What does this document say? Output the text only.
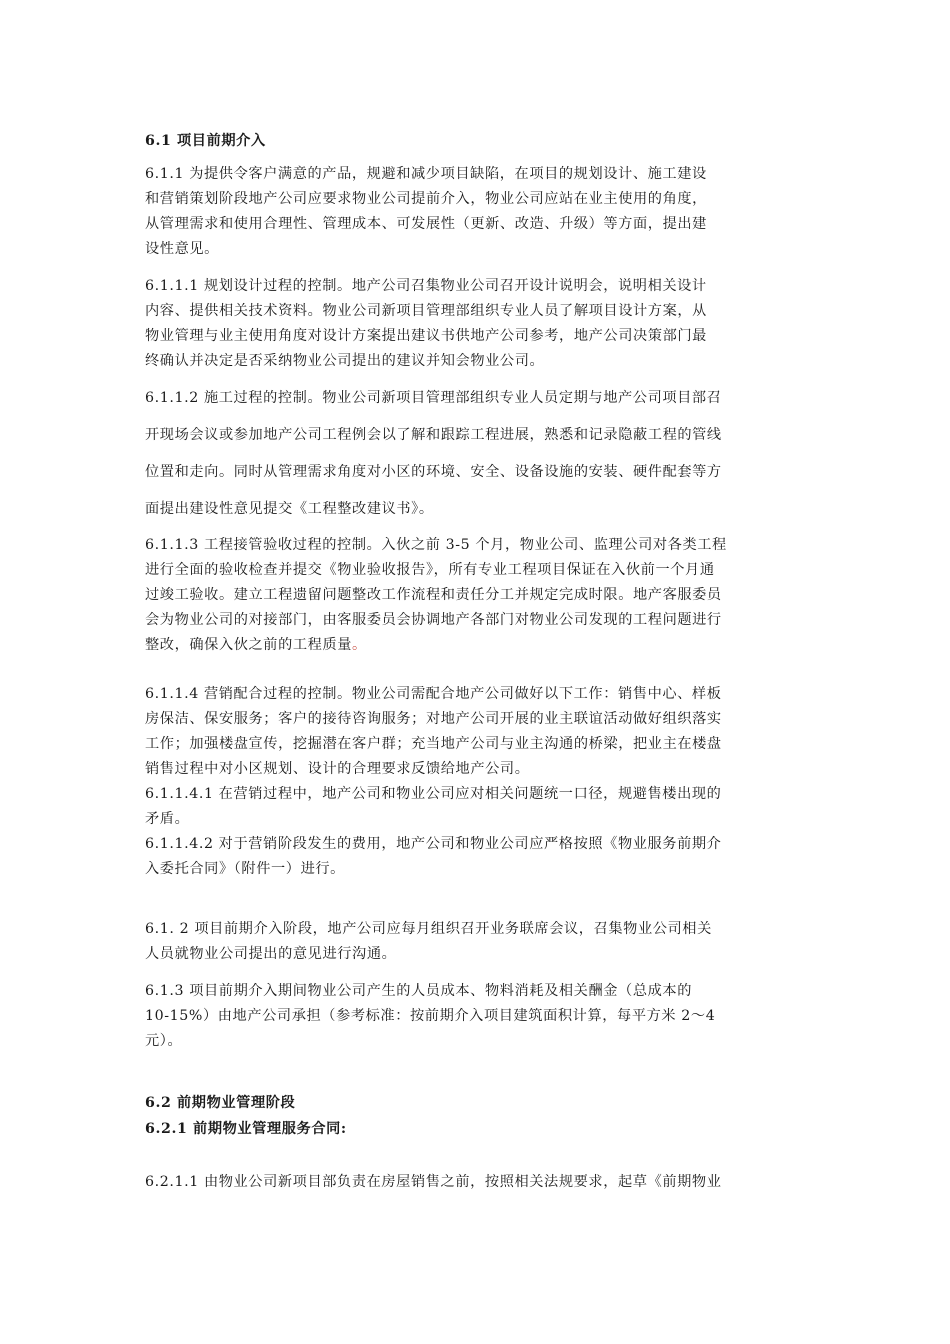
6.1 项目前期介入

6.1.1 为提供令客户满意的产品，规避和减少项目缺陷，在项目的规划设计、施工建设
和营销策划阶段地产公司应要求物业公司提前介入，物业公司应站在业主使用的角度，
从管理需求和使用合理性、管理成本、可发展性（更新、改造、升级）等方面，提出建
设性意见。
6.1.1.1 规划设计过程的控制。地产公司召集物业公司召开设计说明会，说明相关设计
内容、提供相关技术资料。物业公司新项目管理部组织专业人员了解项目设计方案，从
物业管理与业主使用角度对设计方案提出建议书供地产公司参考，地产公司决策部门最
终确认并决定是否采纳物业公司提出的建议并知会物业公司。
6.1.1.2 施工过程的控制。物业公司新项目管理部组织专业人员定期与地产公司项目部召
开现场会议或参加地产公司工程例会以了解和跟踪工程进展，熟悉和记录隐蔽工程的管线
位置和走向。同时从管理需求角度对小区的环境、安全、设备设施的安装、硬件配套等方
面提出建设性意见提交《工程整改建议书》。
6.1.1.3 工程接管验收过程的控制。入伙之前 3-5 个月，物业公司、监理公司对各类工程
进行全面的验收检查并提交《物业验收报告》，所有专业工程项目保证在入伙前一个月通
过竣工验收。建立工程遗留问题整改工作流程和责任分工并规定完成时限。地产客服委员
会为物业公司的对接部门，由客服委员会协调地产各部门对物业公司发现的工程问题进行
整改，确保入伙之前的工程质量。
6.1.1.4 营销配合过程的控制。物业公司需配合地产公司做好以下工作：销售中心、样板
房保洁、保安服务；客户的接待咨询服务；对地产公司开展的业主联谊活动做好组织落实
工作；加强楼盘宣传，挖掘潜在客户群；充当地产公司与业主沟通的桥梁，把业主在楼盘
销售过程中对小区规划、设计的合理要求反馈给地产公司。
6.1.1.4.1 在营销过程中，地产公司和物业公司应对相关问题统一口径，规避售楼出现的
矛盾。
6.1.1.4.2 对于营销阶段发生的费用，地产公司和物业公司应严格按照《物业服务前期介
入委托合同》（附件一）进行。
6.1. 2 项目前期介入阶段，地产公司应每月组织召开业务联席会议，召集物业公司相关
人员就物业公司提出的意见进行沟通。
6.1.3 项目前期介入期间物业公司产生的人员成本、物料消耗及相关酬金（总成本的
10-15%）由地产公司承担（参考标准：按前期介入项目建筑面积计算，每平方米 2～4
元）。

6.2 前期物业管理阶段

6.2.1 前期物业管理服务合同:

6.2.1.1 由物业公司新项目部负责在房屋销售之前，按照相关法规要求，起草《前期物业
